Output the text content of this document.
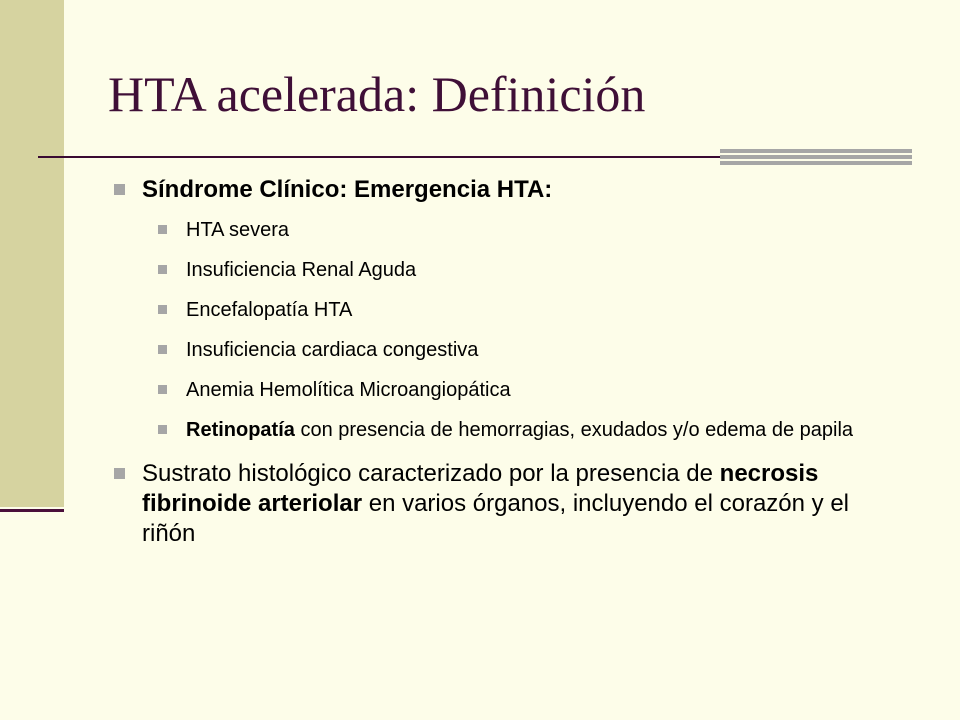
HTA acelerada: Definición
Síndrome Clínico: Emergencia HTA:
HTA severa
Insuficiencia Renal Aguda
Encefalopatía HTA
Insuficiencia cardiaca congestiva
Anemia Hemolítica Microangiopática
Retinopatía con presencia de hemorragias, exudados y/o edema de papila
Sustrato histológico caracterizado por la presencia de necrosis fibrinoide arteriolar en varios órganos, incluyendo el corazón y el riñón
